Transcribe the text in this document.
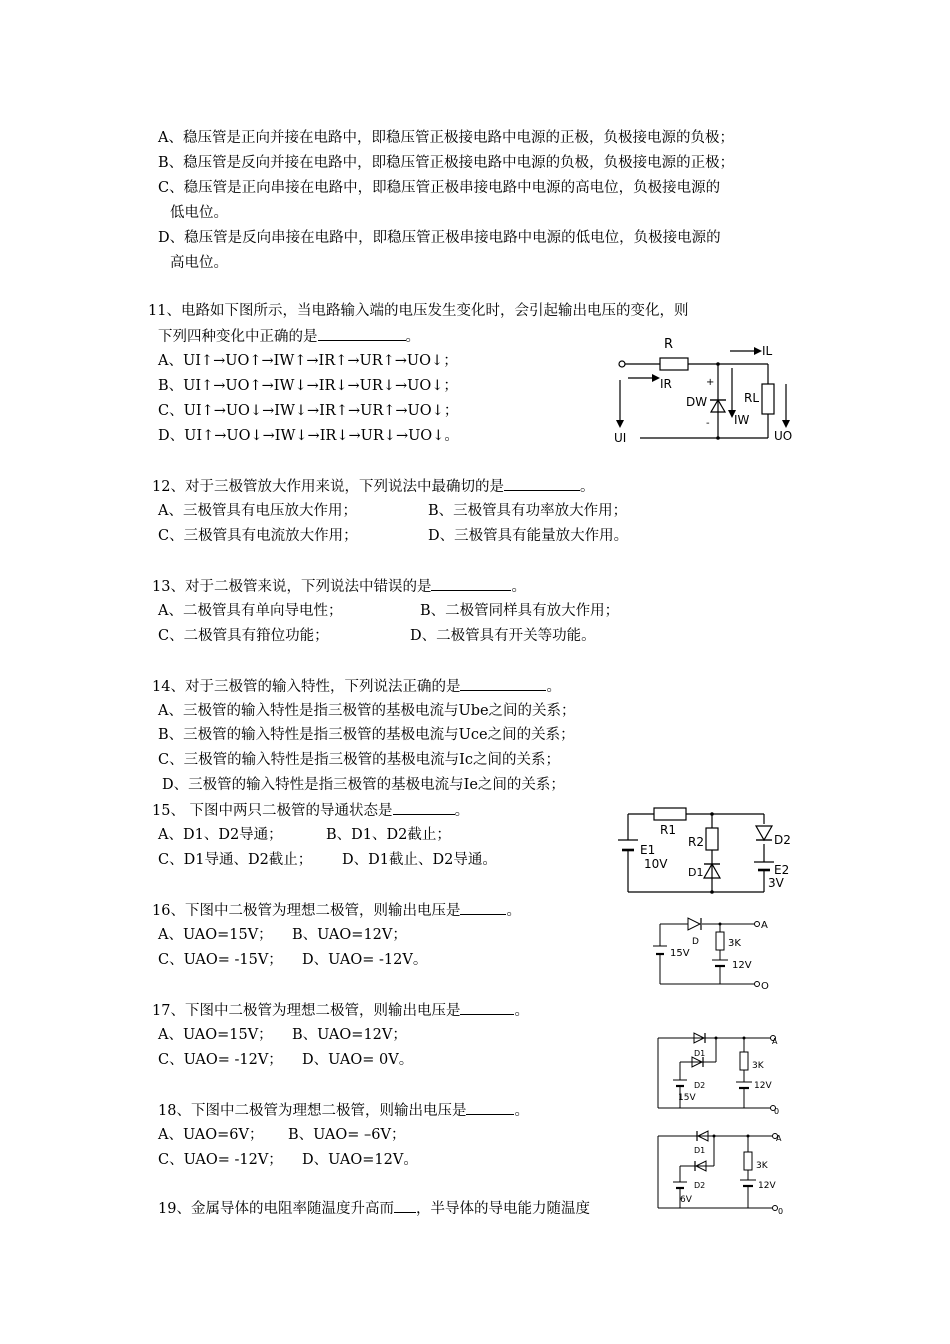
A、稳压管是正向并接在电路中，即稳压管正极接电路中电源的正极，负极接电源的负极；
B、稳压管是反向并接在电路中，即稳压管正极接电路中电源的负极，负极接电源的正极；
C、稳压管是正向串接在电路中，即稳压管正极串接电路中电源的高电位，负极接电源的
低电位。
D、稳压管是反向串接在电路中，即稳压管正极串接电路中电源的低电位，负极接电源的
高电位。
11、电路如下图所示，当电路输入端的电压发生变化时，会引起输出电压的变化，则
下列四种变化中正确的是	。
A、UI↑→UO↑→IW↑→IR↑→UR↑→UO↓；
B、UI↑→UO↑→IW↓→IR↓→UR↓→UO↓；
C、UI↑→UO↓→IW↓→IR↑→UR↑→UO↓；
D、UI↑→UO↓→IW↓→IR↓→UR↓→UO↓。
R	IL
IR	+
-
DW
IW
RL
UI	UO
12、对于三极管放大作用来说，下列说法中最确切的是	。
A、三极管具有电压放大作用；	B、三极管具有功率放大作用；
C、三极管具有电流放大作用；	D、三极管具有能量放大作用。
13、对于二极管来说，下列说法中错误的是	。
A、二极管具有单向导电性；	B、二极管同样具有放大作用；
C、二极管具有箝位功能；	D、二极管具有开关等功能。
14、对于三极管的输入特性，下列说法正确的是	。
A、三极管的输入特性是指三极管的基极电流与Ube之间的关系；
B、三极管的输入特性是指三极管的基极电流与Uce之间的关系；
C、三极管的输入特性是指三极管的基极电流与Ic之间的关系；
D、三极管的输入特性是指三极管的基极电流与Ie之间的关系；
15、 下图中两只二极管的导通状态是	。
A、D1、D2导通；	B、D1、D2截止；
C、D1导通、D2截止； D、D1截止、D2导通。
R1
R2
D1
D2
E1
10V	E2
3V
16、下图中二极管为理想二极管，则输出电压是	。
A、UAO=15V； B、UAO=12V；
C、UAO= -15V； D、UAO= -12V。
D
A
O
15V
3K
12V
17、下图中二极管为理想二极管，则输出电压是	。
A、UAO=15V； B、UAO=12V；
C、UAO= -12V； D、UAO= 0V。	D1
D2
A
0
15V
3K
12V
18、下图中二极管为理想二极管，则输出电压是	。
A、UAO=6V； B、UAO= –6V；
C、UAO= -12V； D、UAO=12V。
D1
D2
A
0
6V
3K
12V
19、金属导体的电阻率随温度升高而 ，半导体的导电能力随温度
